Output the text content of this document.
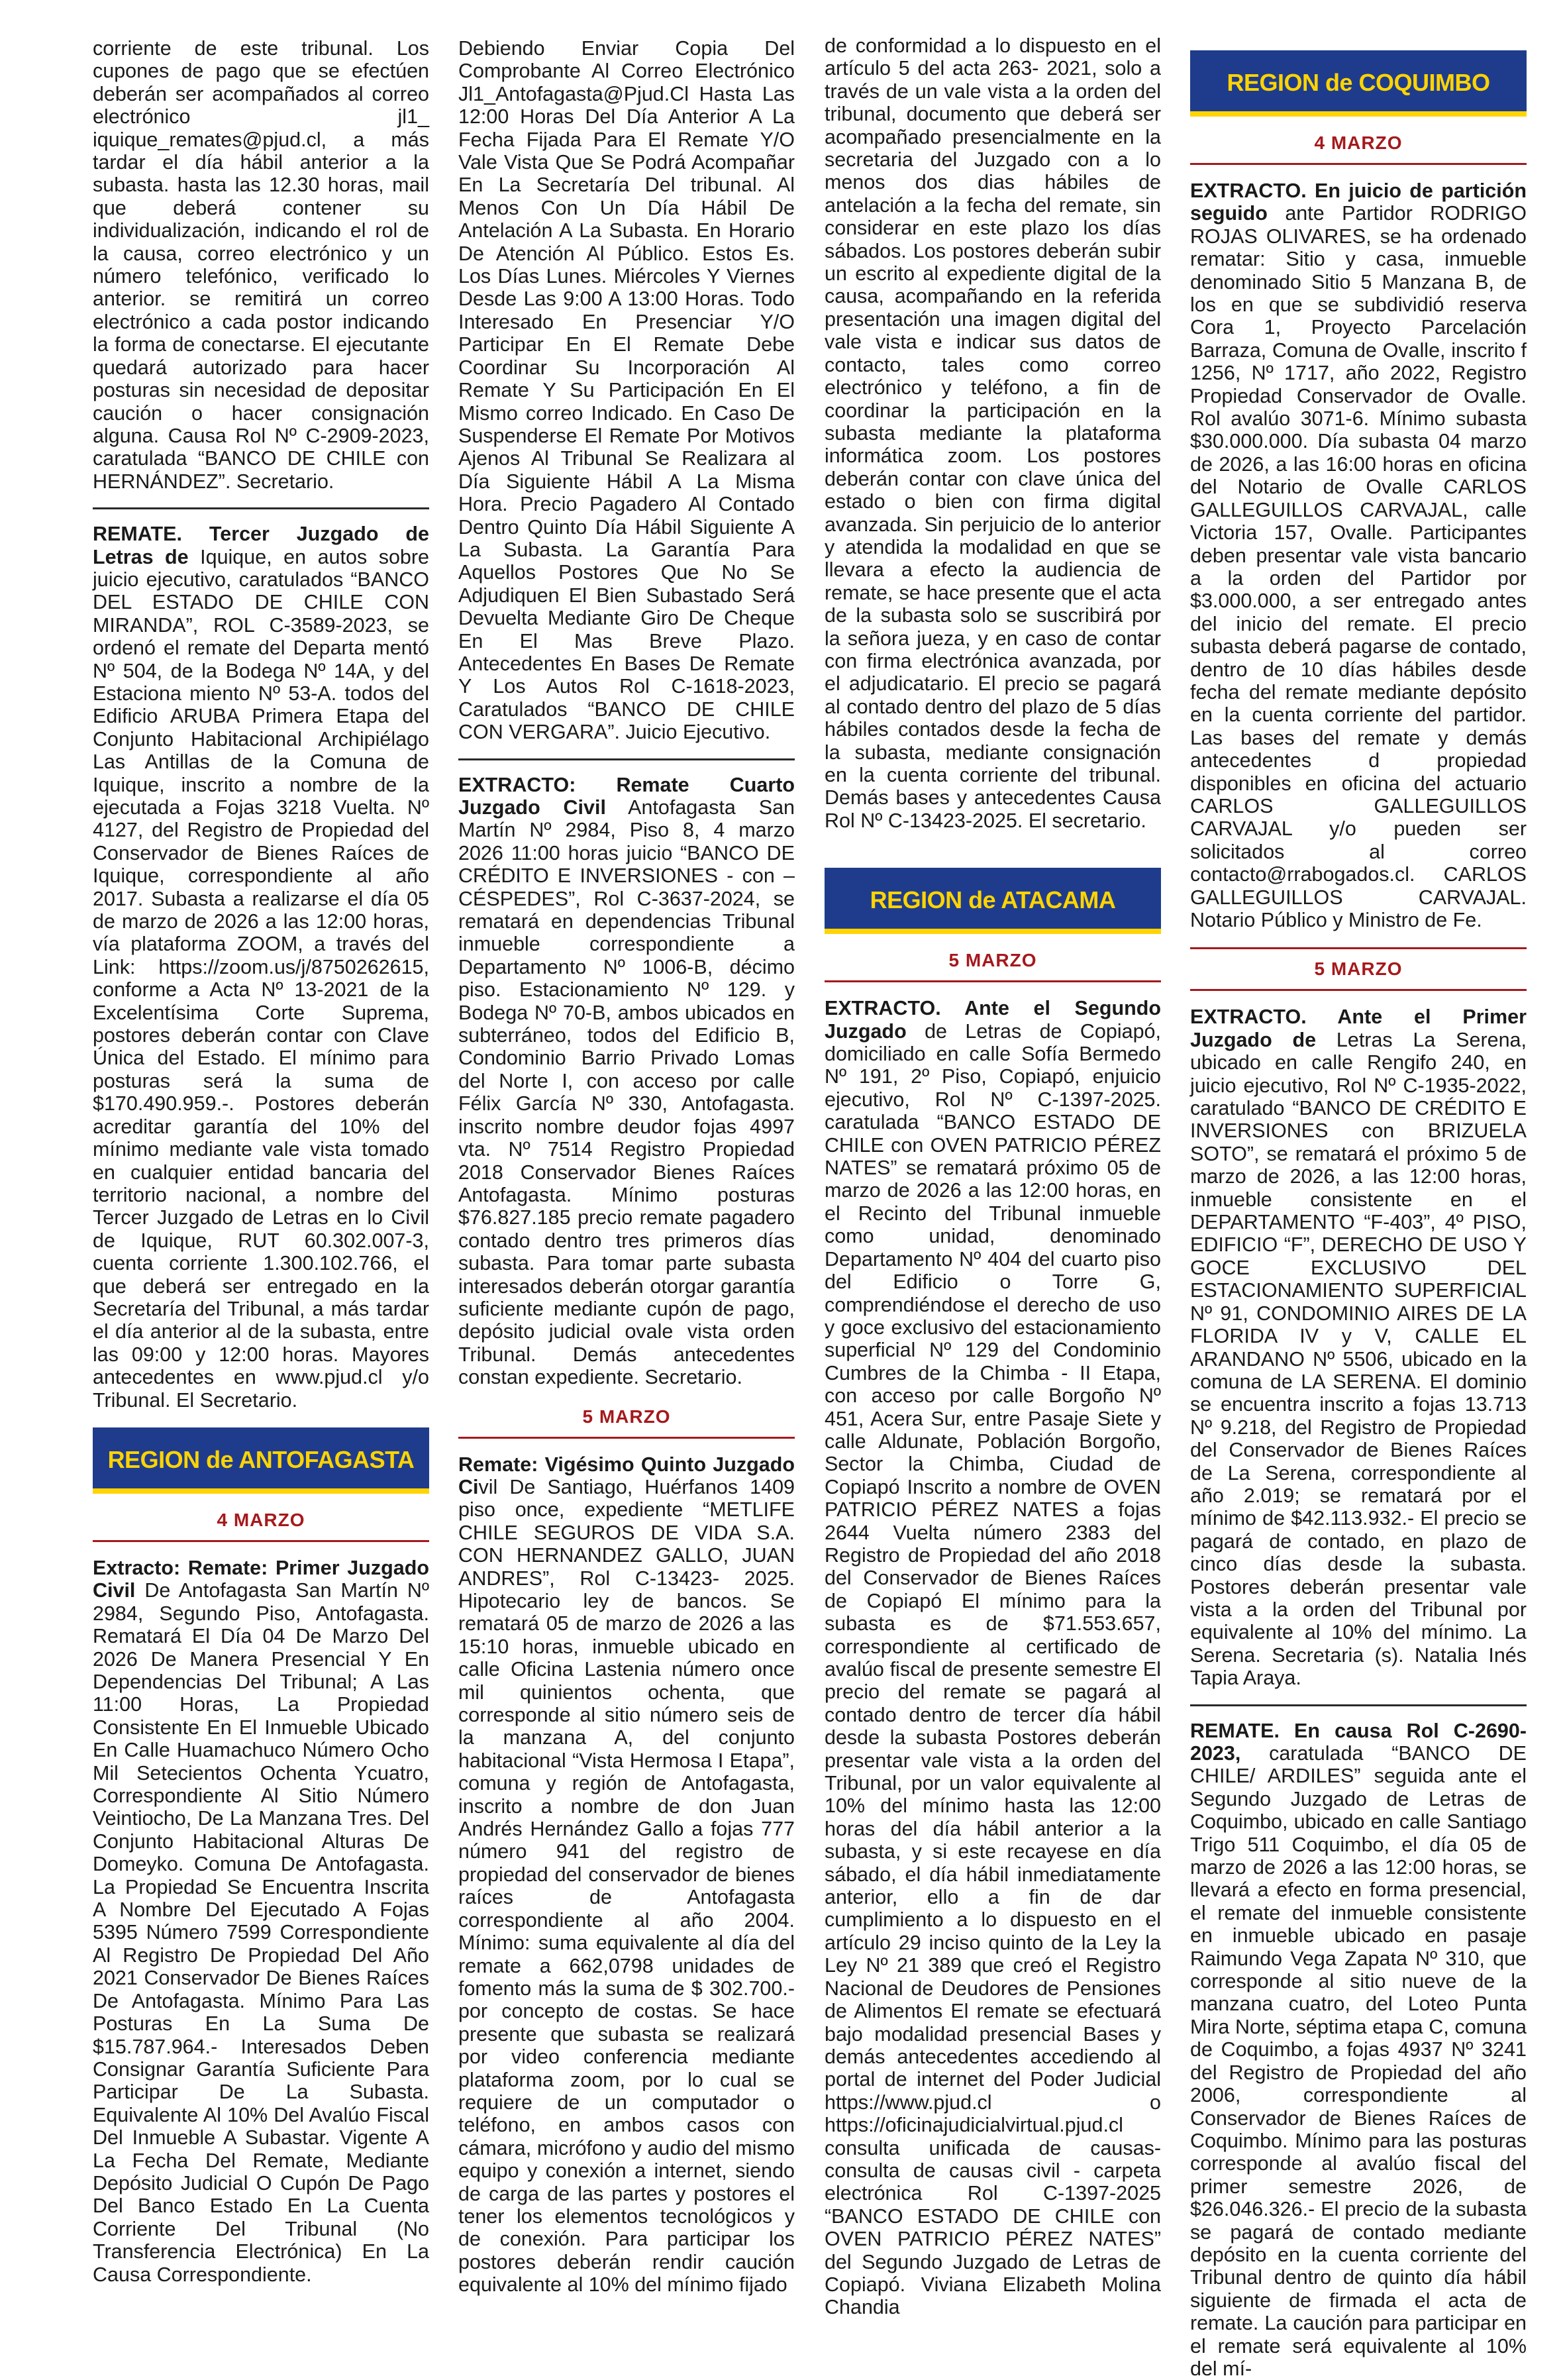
corriente de este tribunal. Los cupones de pago que se efectúen deberán ser acompañados al correo electrónico jl1_ iquique_remates@pjud.cl, a más tardar el día hábil anterior a la subasta. hasta las 12.30 horas, mail que deberá contener su individualización, indicando el rol de la causa, correo electrónico y un número telefónico, verificado lo anterior. se remitirá un correo electrónico a cada postor indicando la forma de conectarse. El ejecutante quedará autorizado para hacer posturas sin necesidad de depositar caución o hacer consignación alguna. Causa Rol Nº C-2909-2023, caratulada “BANCO DE CHILE con HERNÁNDEZ”. Secretario.

REMATE. Tercer Juzgado de Letras de Iquique, en autos sobre juicio ejecutivo, caratulados “BANCO DEL ESTADO DE CHILE CON MIRANDA”, ROL C-3589-2023, se ordenó el remate del Departa mentó Nº 504, de la Bodega Nº 14A, y del Estaciona miento Nº 53-A. todos del Edificio ARUBA Primera Etapa del Conjunto Habitacional Archipiélago Las Antillas de la Comuna de Iquique, inscrito a nombre de la ejecutada a Fojas 3218 Vuelta. Nº 4127, del Registro de Propiedad del Conservador de Bienes Raíces de Iquique, correspondiente al año 2017. Subasta a realizarse el día 05 de marzo de 2026 a las 12:00 horas, vía plataforma ZOOM, a través del Link: https://zoom.us/j/8750262615, conforme a Acta Nº 13-2021 de la Excelentísima Corte Suprema, postores deberán contar con Clave Única del Estado. El mínimo para posturas será la suma de $170.490.959.-. Postores deberán acreditar garantía del 10% del mínimo mediante vale vista tomado en cualquier entidad bancaria del territorio nacional, a nombre del Tercer Juzgado de Letras en lo Civil de Iquique, RUT 60.302.007-3, cuenta corriente 1.300.102.766, el que deberá ser entregado en la Secretaría del Tribunal, a más tardar el día anterior al de la subasta, entre las 09:00 y 12:00 horas. Mayores antecedentes en www.pjud.cl y/o Tribunal. El Secretario.

REGION de ANTOFAGASTA
4 MARZO

Extracto: Remate: Primer Juzgado Civil De Antofagasta San Martín Nº 2984, Segundo Piso, Antofagasta. Rematará El Día 04 De Marzo Del 2026 De Manera Presencial Y En Dependencias Del Tribunal; A Las 11:00 Horas, La Propiedad Consistente En El Inmueble Ubicado En Calle Huamachuco Número Ocho Mil Setecientos Ochenta Ycuatro, Correspondiente Al Sitio Número Veintiocho, De La Manzana Tres. Del Conjunto Habitacional Alturas De Domeyko. Comuna De Antofagasta. La Propiedad Se Encuentra Inscrita A Nombre Del Ejecutado A Fojas 5395 Número 7599 Correspondiente Al Registro De Propiedad Del Año 2021 Conservador De Bienes Raíces De Antofagasta. Mínimo Para Las Posturas En La Suma De $15.787.964.- Interesados Deben Consignar Garantía Suficiente Para Participar De La Subasta. Equivalente Al 10% Del Avalúo Fiscal Del Inmueble A Subastar. Vigente A La Fecha Del Remate, Mediante Depósito Judicial O Cupón De Pago Del Banco Estado En La Cuenta Corriente Del Tribunal (No Transferencia Electrónica) En La Causa Correspondiente.

Debiendo Enviar Copia Del Comprobante Al Correo Electrónico Jl1_Antofagasta@Pjud.Cl Hasta Las 12:00 Horas Del Día Anterior A La Fecha Fijada Para El Remate Y/O Vale Vista Que Se Podrá Acompañar En La Secretaría Del tribunal. Al Menos Con Un Día Hábil De Antelación A La Subasta. En Horario De Atención Al Público. Estos Es. Los Días Lunes. Miércoles Y Viernes Desde Las 9:00 A 13:00 Horas. Todo Interesado En Presenciar Y/O Participar En El Remate Debe Coordinar Su Incorporación Al Remate Y Su Participación En El Mismo correo Indicado. En Caso De Suspenderse El Remate Por Motivos Ajenos Al Tribunal Se Realizara al Día Siguiente Hábil A La Misma Hora. Precio Pagadero Al Contado Dentro Quinto Día Hábil Siguiente A La Subasta. La Garantía Para Aquellos Postores Que No Se Adjudiquen El Bien Subastado Será Devuelta Mediante Giro De Cheque En El Mas Breve Plazo. Antecedentes En Bases De Remate Y Los Autos Rol C-1618-2023, Caratulados “BANCO DE CHILE CON VERGARA”. Juicio Ejecutivo.

EXTRACTO: Remate Cuarto Juzgado Civil Antofagasta San Martín Nº 2984, Piso 8, 4 marzo 2026 11:00 horas juicio “BANCO DE CRÉDITO E INVERSIONES - con –CÉSPEDES”, Rol C-3637-2024, se rematará en dependencias Tribunal inmueble correspondiente a Departamento Nº 1006-B, décimo piso. Estacionamiento Nº 129. y Bodega Nº 70-B, ambos ubicados en subterráneo, todos del Edificio B, Condominio Barrio Privado Lomas del Norte I, con acceso por calle Félix García Nº 330, Antofagasta. inscrito nombre deudor fojas 4997 vta. Nº 7514 Registro Propiedad 2018 Conservador Bienes Raíces Antofagasta. Mínimo posturas $76.827.185 precio remate pagadero contado dentro tres primeros días subasta. Para tomar parte subasta interesados deberán otorgar garantía suficiente mediante cupón de pago, depósito judicial ovale vista orden Tribunal. Demás antecedentes constan expediente. Secretario.

5 MARZO

Remate: Vigésimo Quinto Juzgado Civil De Santiago, Huérfanos 1409 piso once, expediente “METLIFE CHILE SEGUROS DE VIDA S.A. CON HERNANDEZ GALLO, JUAN ANDRES”, Rol C-13423- 2025. Hipotecario ley de bancos. Se rematará 05 de marzo de 2026 a las 15:10 horas, inmueble ubicado en calle Oficina Lastenia número once mil quinientos ochenta, que corresponde al sitio número seis de la manzana A, del conjunto habitacional “Vista Hermosa I Etapa”, comuna y región de Antofagasta, inscrito a nombre de don Juan Andrés Hernández Gallo a fojas 777 número 941 del registro de propiedad del conservador de bienes raíces de Antofagasta correspondiente al año 2004. Mínimo: suma equivalente al día del remate a 662,0798 unidades de fomento más la suma de $ 302.700.- por concepto de costas. Se hace presente que subasta se realizará por video conferencia mediante plataforma zoom, por lo cual se requiere de un computador o teléfono, en ambos casos con cámara, micrófono y audio del mismo equipo y conexión a internet, siendo de carga de las partes y postores el tener los elementos tecnológicos y de conexión. Para participar los postores deberán rendir caución equivalente al 10% del mínimo fijado

de conformidad a lo dispuesto en el artículo 5 del acta 263- 2021, solo a través de un vale vista a la orden del tribunal, documento que deberá ser acompañado presencialmente en la secretaria del Juzgado con a lo menos dos dias hábiles de antelación a la fecha del remate, sin considerar en este plazo los días sábados. Los postores deberán subir un escrito al expediente digital de la causa, acompañando en la referida presentación una imagen digital del vale vista e indicar sus datos de contacto, tales como correo electrónico y teléfono, a fin de coordinar la participación en la subasta mediante la plataforma informática zoom. Los postores deberán contar con clave única del estado o bien con firma digital avanzada. Sin perjuicio de lo anterior y atendida la modalidad en que se llevara a efecto la audiencia de remate, se hace presente que el acta de la subasta solo se suscribirá por la señora jueza, y en caso de contar con firma electrónica avanzada, por el adjudicatario. El precio se pagará al contado dentro del plazo de 5 días hábiles contados desde la fecha de la subasta, mediante consignación en la cuenta corriente del tribunal. Demás bases y antecedentes Causa Rol Nº C-13423-2025. El secretario.

REGION de ATACAMA
5 MARZO

EXTRACTO. Ante el Segundo Juzgado de Letras de Copiapó, domiciliado en calle Sofía Bermedo Nº 191, 2º Piso, Copiapó, enjuicio ejecutivo, Rol Nº C-1397-2025. caratulada “BANCO ESTADO DE CHILE con OVEN PATRICIO PÉREZ NATES” se rematará próximo 05 de marzo de 2026 a las 12:00 horas, en el Recinto del Tribunal inmueble como unidad, denominado Departamento Nº 404 del cuarto piso del Edificio o Torre G, comprendiéndose el derecho de uso y goce exclusivo del estacionamiento superficial Nº 129 del Condominio Cumbres de la Chimba - II Etapa, con acceso por calle Borgoño Nº 451, Acera Sur, entre Pasaje Siete y calle Aldunate, Población Borgoño, Sector la Chimba, Ciudad de Copiapó Inscrito a nombre de OVEN PATRICIO PÉREZ NATES a fojas 2644 Vuelta número 2383 del Registro de Propiedad del año 2018 del Conservador de Bienes Raíces de Copiapó El mínimo para la subasta es de $71.553.657, correspondiente al certificado de avalúo fiscal de presente semestre El precio del remate se pagará al contado dentro de tercer día hábil desde la subasta Postores deberán presentar vale vista a la orden del Tribunal, por un valor equivalente al 10% del mínimo hasta las 12:00 horas del día hábil anterior a la subasta, y si este recayese en día sábado, el día hábil inmediatamente anterior, ello a fin de dar cumplimiento a lo dispuesto en el artículo 29 inciso quinto de la Ley la Ley Nº 21 389 que creó el Registro Nacional de Deudores de Pensiones de Alimentos El remate se efectuará bajo modalidad presencial Bases y demás antecedentes accediendo al portal de internet del Poder Judicial https://www.pjud.cl o https://oficinajudicialvirtual.pjud.cl consulta unificada de causas- consulta de causas civil - carpeta electrónica Rol C-1397-2025 “BANCO ESTADO DE CHILE con OVEN PATRICIO PÉREZ NATES” del Segundo Juzgado de Letras de Copiapó. Viviana Elizabeth Molina Chandia

REGION de COQUIMBO
4 MARZO

EXTRACTO. En juicio de partición seguido ante Partidor RODRIGO ROJAS OLIVARES, se ha ordenado rematar: Sitio y casa, inmueble denominado Sitio 5 Manzana B, de los en que se subdividió reserva Cora 1, Proyecto Parcelación Barraza, Comuna de Ovalle, inscrito f 1256, Nº 1717, año 2022, Registro Propiedad Conservador de Ovalle. Rol avalúo 3071-6. Mínimo subasta $30.000.000. Día subasta 04 marzo de 2026, a las 16:00 horas en oficina del Notario de Ovalle CARLOS GALLEGUILLOS CARVAJAL, calle Victoria 157, Ovalle. Participantes deben presentar vale vista bancario a la orden del Partidor por $3.000.000, a ser entregado antes del inicio del remate. El precio subasta deberá pagarse de contado, dentro de 10 días hábiles desde fecha del remate mediante depósito en la cuenta corriente del partidor. Las bases del remate y demás antecedentes d propiedad disponibles en oficina del actuario CARLOS GALLEGUILLOS CARVAJAL y/o pueden ser solicitados al correo contacto@rrabogados.cl. CARLOS GALLEGUILLOS CARVAJAL. Notario Público y Ministro de Fe.

5 MARZO

EXTRACTO. Ante el Primer Juzgado de Letras La Serena, ubicado en calle Rengifo 240, en juicio ejecutivo, Rol Nº C-1935-2022, caratulado “BANCO DE CRÉDITO E INVERSIONES con BRIZUELA SOTO”, se rematará el próximo 5 de marzo de 2026, a las 12:00 horas, inmueble consistente en el DEPARTAMENTO “F-403”, 4º PISO, EDIFICIO “F”, DERECHO DE USO Y GOCE EXCLUSIVO DEL ESTACIONAMIENTO SUPERFICIAL Nº 91, CONDOMINIO AIRES DE LA FLORIDA IV y V, CALLE EL ARANDANO Nº 5506, ubicado en la comuna de LA SERENA. El dominio se encuentra inscrito a fojas 13.713 Nº 9.218, del Registro de Propiedad del Conservador de Bienes Raíces de La Serena, correspondiente al año 2.019; se rematará por el mínimo de $42.113.932.- El precio se pagará de contado, en plazo de cinco días desde la subasta. Postores deberán presentar vale vista a la orden del Tribunal por equivalente al 10% del mínimo. La Serena. Secretaria (s). Natalia Inés Tapia Araya.

REMATE. En causa Rol C-2690-2023, caratulada “BANCO DE CHILE/ ARDILES” seguida ante el Segundo Juzgado de Letras de Coquimbo, ubicado en calle Santiago Trigo 511 Coquimbo, el día 05 de marzo de 2026 a las 12:00 horas, se llevará a efecto en forma presencial, el remate del inmueble consistente en inmueble ubicado en pasaje Raimundo Vega Zapata Nº 310, que corresponde al sitio nueve de la manzana cuatro, del Loteo Punta Mira Norte, séptima etapa C, comuna de Coquimbo, a fojas 4937 Nº 3241 del Registro de Propiedad del año 2006, correspondiente al Conservador de Bienes Raíces de Coquimbo. Mínimo para las posturas corresponde al avalúo fiscal del primer semestre 2026, de $26.046.326.- El precio de la subasta se pagará de contado mediante depósito en la cuenta corriente del Tribunal dentro de quinto día hábil siguiente de firmada el acta de remate. La caución para participar en el remate será equivalente al 10% del mí-
